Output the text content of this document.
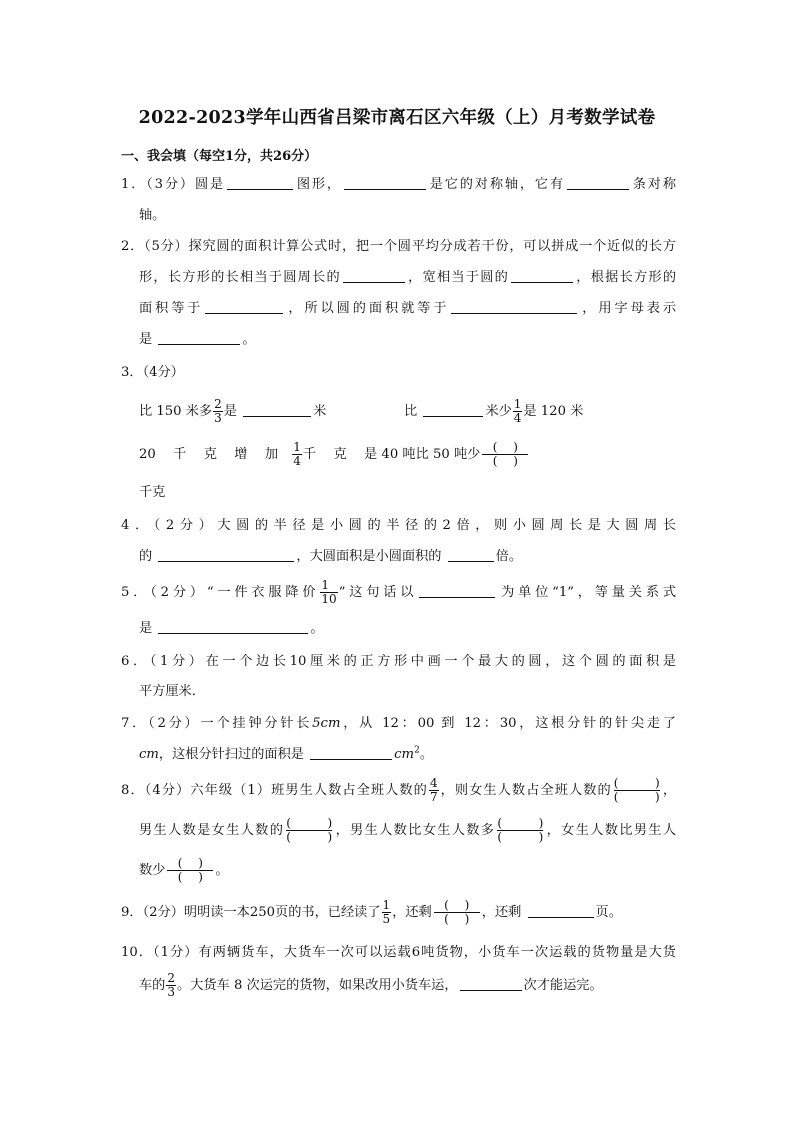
2022-2023学年山西省吕梁市离石区六年级（上）月考数学试卷
一、我会填（每空1分，共26分）
1．（3分）圆是	图形，	是它的对称轴，它有	条对称
轴。
2．（5分）探究圆的面积计算公式时，把一个圆平均分成若干份，可以拼成一个近似的长方
形，长方形的长相当于圆周长的	，宽相当于圆的	，根据长方形的
面积等于	，所以圆的面积就等于	，用字母表示
是	。
3．（4分）
比 150 米多 $\frac{2}{3}$ 是	米	比	米少 $\frac{1}{4}$ 是 120 米
20　 千　 克　 增　 加　 $\frac{1}{4}$ 千　 克　 是 40 吨比 50 吨少	(　 )
(　 )
千克
4．（2分）大圆的半径是小圆的半径的2倍，则小圆周长是大圆周长
的	，大圆面积是小圆面积的	倍。
5．（2分）“一件衣服降价 $\frac{1}{10}$ ”这句话以	为单位“1”，等量关系式
是	。
6．（1分）在一个边长10厘米的正方形中画一个最大的圆，这个圆的面积是
平方厘米．
7．（2分）一个挂钟分针长5cm，从 12：00 到 12：30，这根分针的针尖走了
cm，这根分针扫过的面积是	$cm^2$。
8．（4分）六年级（1）班男生人数占全班人数的 $\frac{4}{7}$ ，则女生人数占全班人数的 (　 )
(　 ) ，
男生人数是女生人数的 (　 )
(　 ) ，男生人数比女生人数多 (　 )
(　 ) ，女生人数比男生人
数少	(　 )
(　 ) 。
9．（2分）明明读一本250页的书，已经读了 $\frac{1}{5}$ ，还剩	(　 )
(　 ) ，还剩	页。
10．（1分）有两辆货车，大货车一次可以运载6吨货物，小货车一次运载的货物量是大货
车的 $\frac{2}{3}$ 。大货车 8 次运完的货物，如果改用小货车运，	次才能运完。
